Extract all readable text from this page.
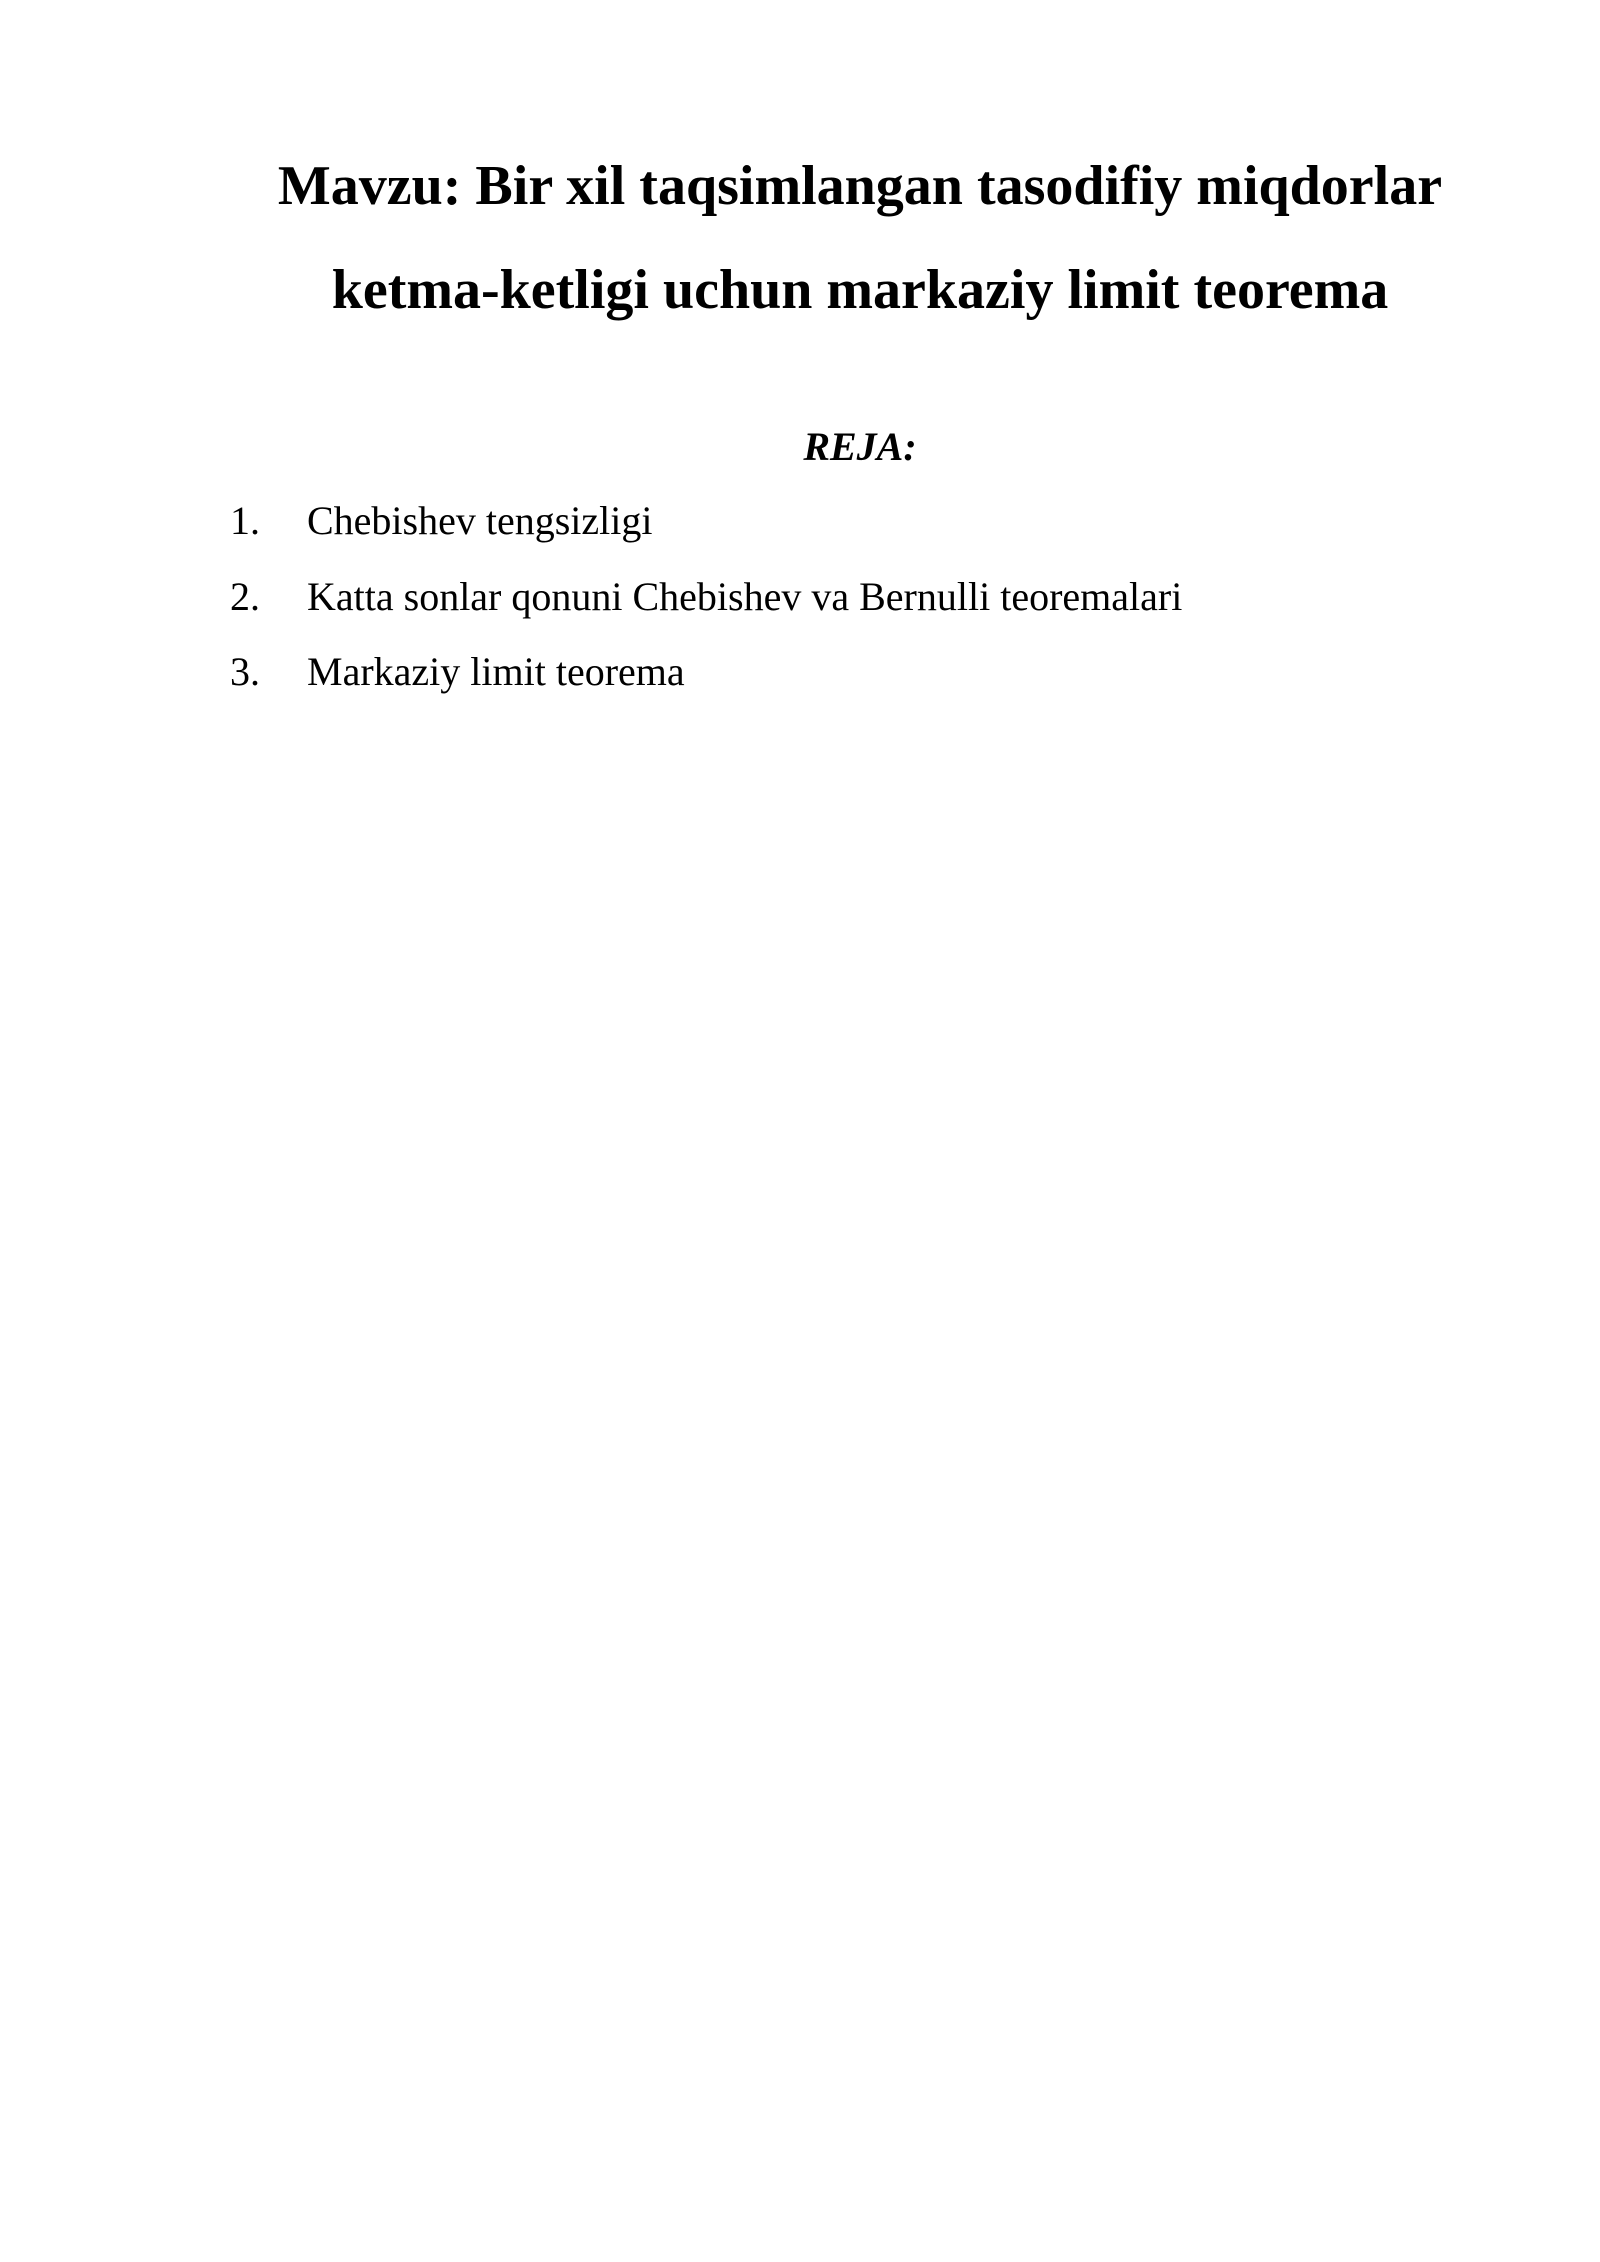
Mavzu: Bir xil taqsimlangan tasodifiy miqdorlar
ketma-ketligi uchun markaziy limit teorema
REJA:
1. Chebishev tengsizligi
2. Katta sonlar qonuni Chebishev va Bernulli teoremalari
3. Markaziy limit teorema
